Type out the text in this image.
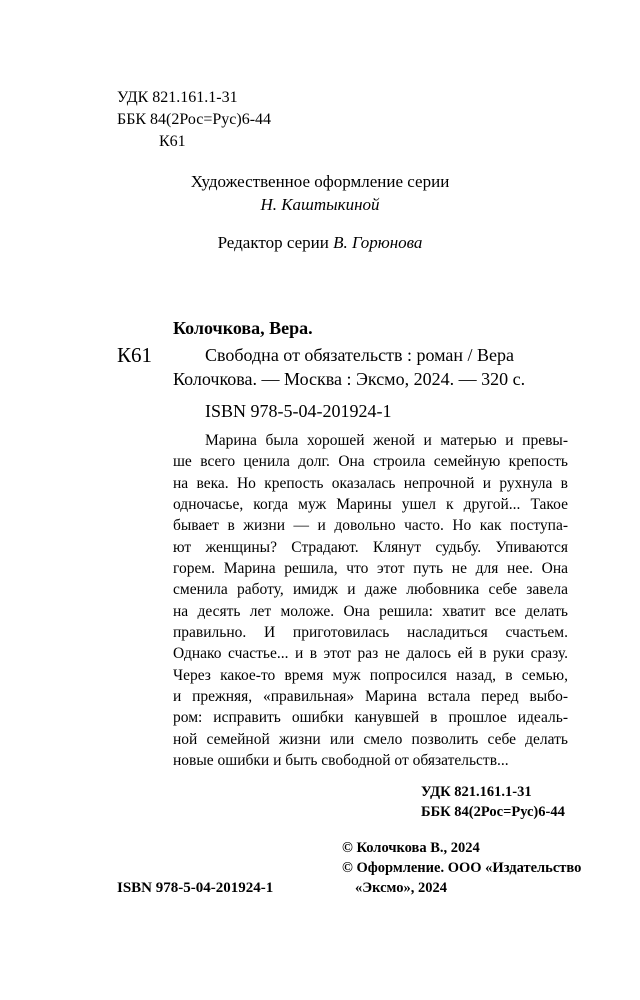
УДК 821.161.1-31
ББК 84(2Рос=Рус)6-44
К61
Художественное оформление серии
Н. Каштыкиной
Редактор серии В. Горюнова
Колочкова, Вера.
К61	Свободна от обязательств : роман / Вера
Колочкова. — Москва : Эксмо, 2024. — 320 с.
ISBN 978-5-04-201924-1
Марина была хорошей женой и матерью и превы-
ше всего ценила долг. Она строила семейную крепость
на века. Но крепость оказалась непрочной и рухнула в
одночасье, когда муж Марины ушел к другой... Такое
бывает в жизни — и довольно часто. Но как поступа-
ют женщины? Страдают. Клянут судьбу. Упиваются
горем. Марина решила, что этот путь не для нее. Она
сменила работу, имидж и даже любовника себе завела
на десять лет моложе. Она решила: хватит все делать
правильно. И приготовилась насладиться счастьем.
Однако счастье... и в этот раз не далось ей в руки сразу.
Через какое-то время муж попросился назад, в семью,
и прежняя, «правильная» Марина встала перед выбо-
ром: исправить ошибки канувшей в прошлое идеаль-
ной семейной жизни или смело позволить себе делать
новые ошибки и быть свободной от обязательств...
УДК 821.161.1-31
ББК 84(2Рос=Рус)6-44
© Колочкова В., 2024
© Оформление. ООО «Издательство
«Эксмо», 2024
ISBN 978-5-04-201924-1
